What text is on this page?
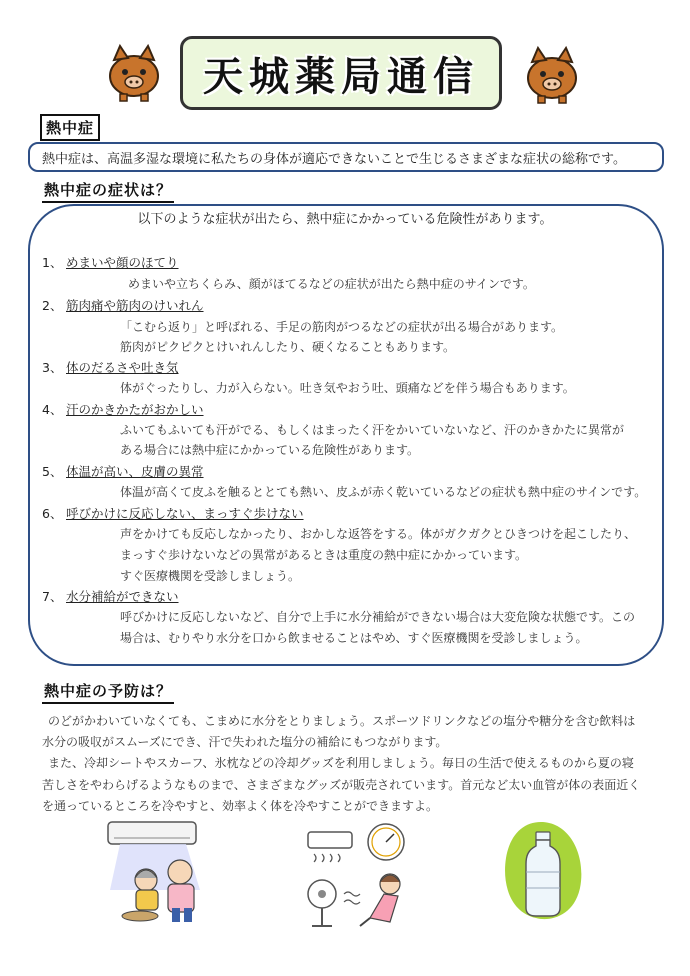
天城薬局通信
熱中症
熱中症は、高温多湿な環境に私たちの身体が適応できないことで生じるさまざまな症状の総称です。
熱中症の症状は？
以下のような症状が出たら、熱中症にかかっている危険性があります。
1、 めまいや顔のほてり
めまいや立ちくらみ、顔がほてるなどの症状が出たら熱中症のサインです。
2、 筋肉痛や筋肉のけいれん
「こむら返り」と呼ばれる、手足の筋肉がつるなどの症状が出る場合があります。
筋肉がピクピクとけいれんしたり、硬くなることもあります。
3、 体のだるさや吐き気
体がぐったりし、力が入らない。吐き気やおう吐、頭痛などを伴う場合もあります。
4、 汗のかきかたがおかしい
ふいてもふいても汗がでる、もしくはまったく汗をかいていないなど、汗のかきかたに異常が
ある場合には熱中症にかかっている危険性があります。
5、 体温が高い、皮膚の異常
体温が高くて皮ふを触るととても熱い、皮ふが赤く乾いているなどの症状も熱中症のサインです。
6、 呼びかけに反応しない、まっすぐ歩けない
声をかけても反応しなかったり、おかしな返答をする。体がガクガクとひきつけを起こしたり、
まっすぐ歩けないなどの異常があるときは重度の熱中症にかかっています。
すぐ医療機関を受診しましょう。
7、 水分補給ができない
呼びかけに反応しないなど、自分で上手に水分補給ができない場合は大変危険な状態です。この
場合は、むりやり水分を口から飲ませることはやめ、すぐ医療機関を受診しましょう。
熱中症の予防は？
　のどがかわいていなくても、こまめに水分をとりましょう。スポーツドリンクなどの塩分や糖分を含む飲料は
水分の吸収がスムーズにでき、汗で失われた塩分の補給にもつながります。
　また、冷却シートやスカーフ、氷枕などの冷却グッズを利用しましょう。毎日の生活で使えるものから夏の寝
苦しさをやわらげるようなものまで、さまざまなグッズが販売されています。首元など太い血管が体の表面近く
を通っているところを冷やすと、効率よく体を冷やすことができますよ。
